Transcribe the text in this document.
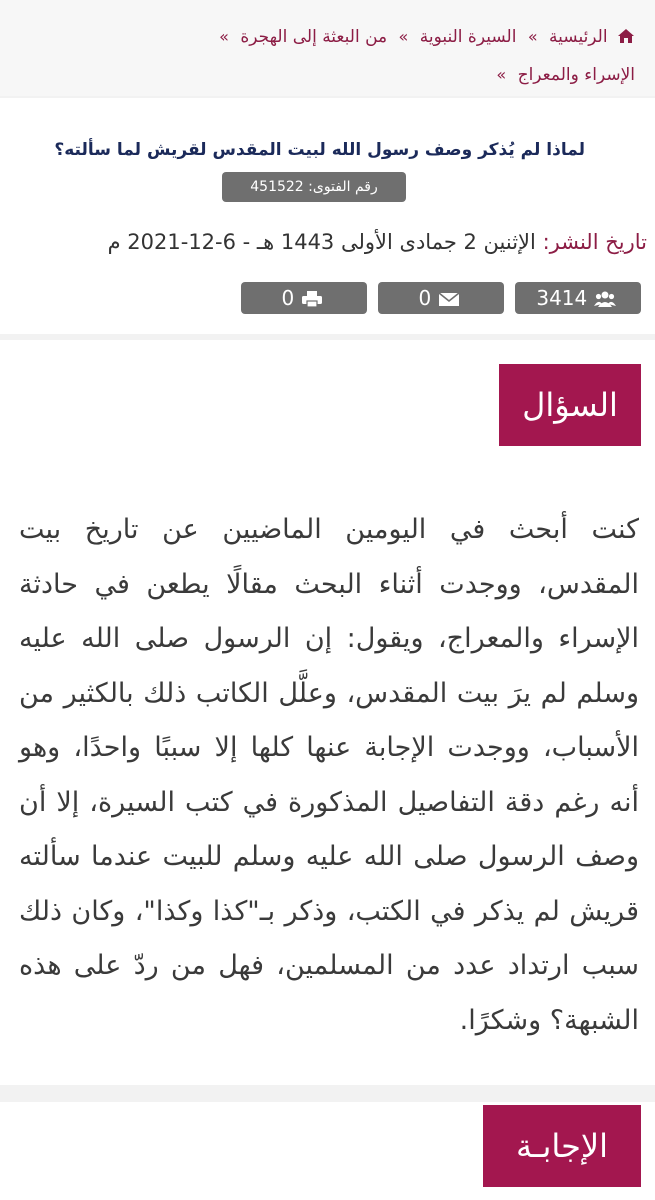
الرئيسية » السيرة النبوية » من البعثة إلى الهجرة »
الإسراء والمعراج »
لماذا لم يُذكر وصف رسول الله لبيت المقدس لقريش لما سألته؟
رقم الفتوى: 451522
تاريخ النشر: الإثنين 2 جمادى الأولى 1443 هـ - 6-12-2021 م
3414
0
0
السؤال

كنت أبحث في اليومين الماضيين عن تاريخ بيت المقدس، ووجدت أثناء البحث مقالًا يطعن في حادثة الإسراء والمعراج، ويقول: إن الرسول صلى الله عليه وسلم لم يرَ بيت المقدس، وعلَّل الكاتب ذلك بالكثير من الأسباب، ووجدت الإجابة عنها كلها إلا سببًا واحدًا، وهو أنه رغم دقة التفاصيل المذكورة في كتب السيرة، إلا أن وصف الرسول صلى الله عليه وسلم للبيت عندما سألته قريش لم يذكر في الكتب، وذكر بـ"كذا وكذا"، وكان ذلك سبب ارتداد عدد من المسلمين، فهل من ردّ على هذه الشبهة؟ وشكرًا.

الإجابـة
